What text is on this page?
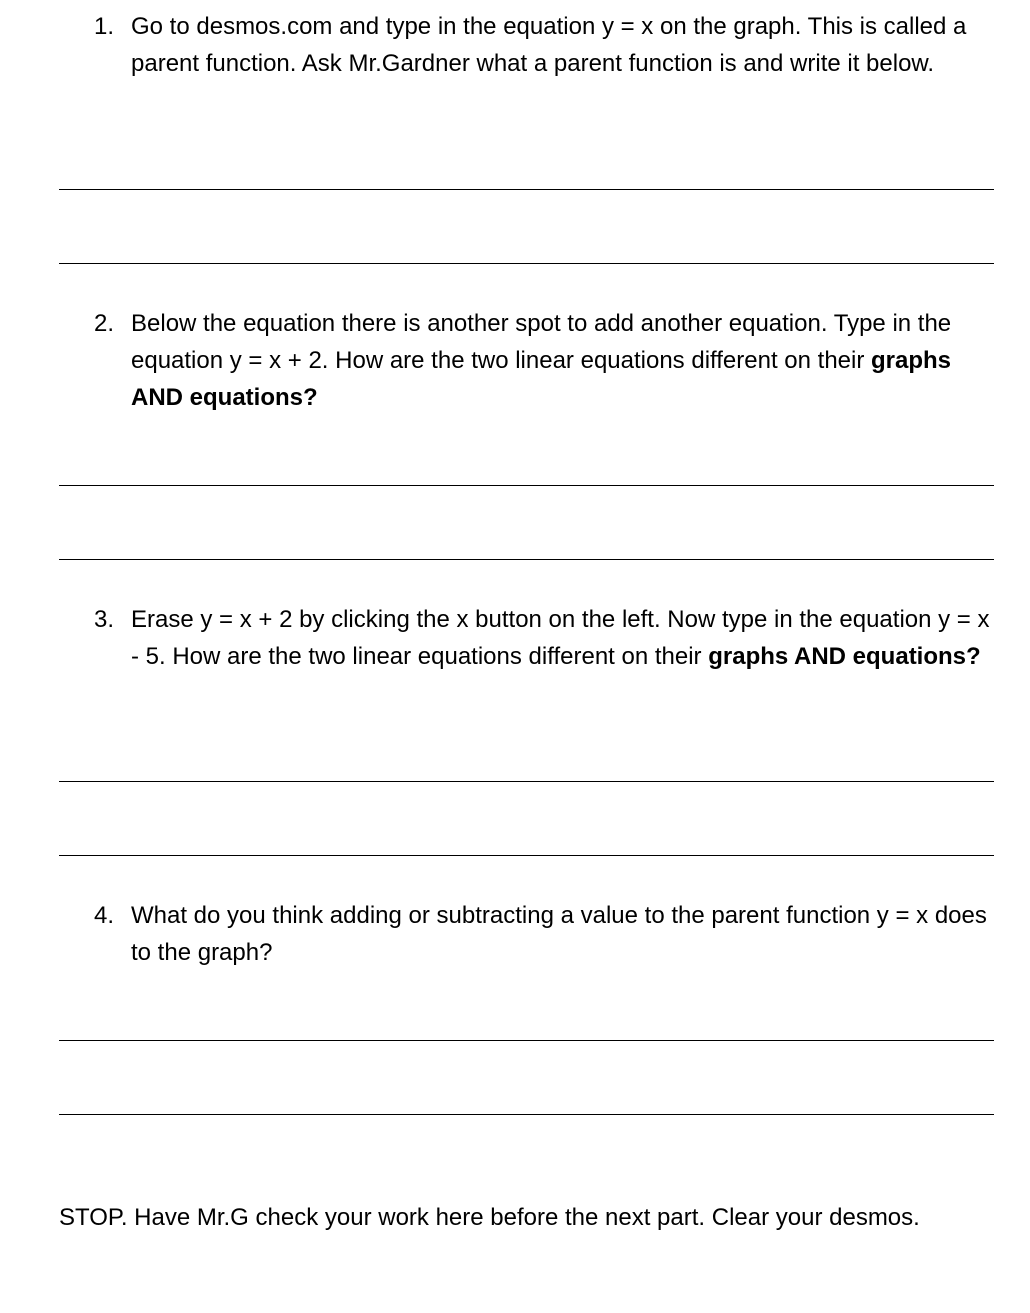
1. Go to desmos.com and type in the equation y = x on the graph. This is called a parent function. Ask Mr.Gardner what a parent function is and write it below.
2. Below the equation there is another spot to add another equation. Type in the equation y = x + 2. How are the two linear equations different on their graphs AND equations?
3. Erase y = x + 2 by clicking the x button on the left. Now type in the equation y = x - 5. How are the two linear equations different on their graphs AND equations?
4. What do you think adding or subtracting a value to the parent function y = x does to the graph?
STOP. Have Mr.G check your work here before the next part. Clear your desmos.
